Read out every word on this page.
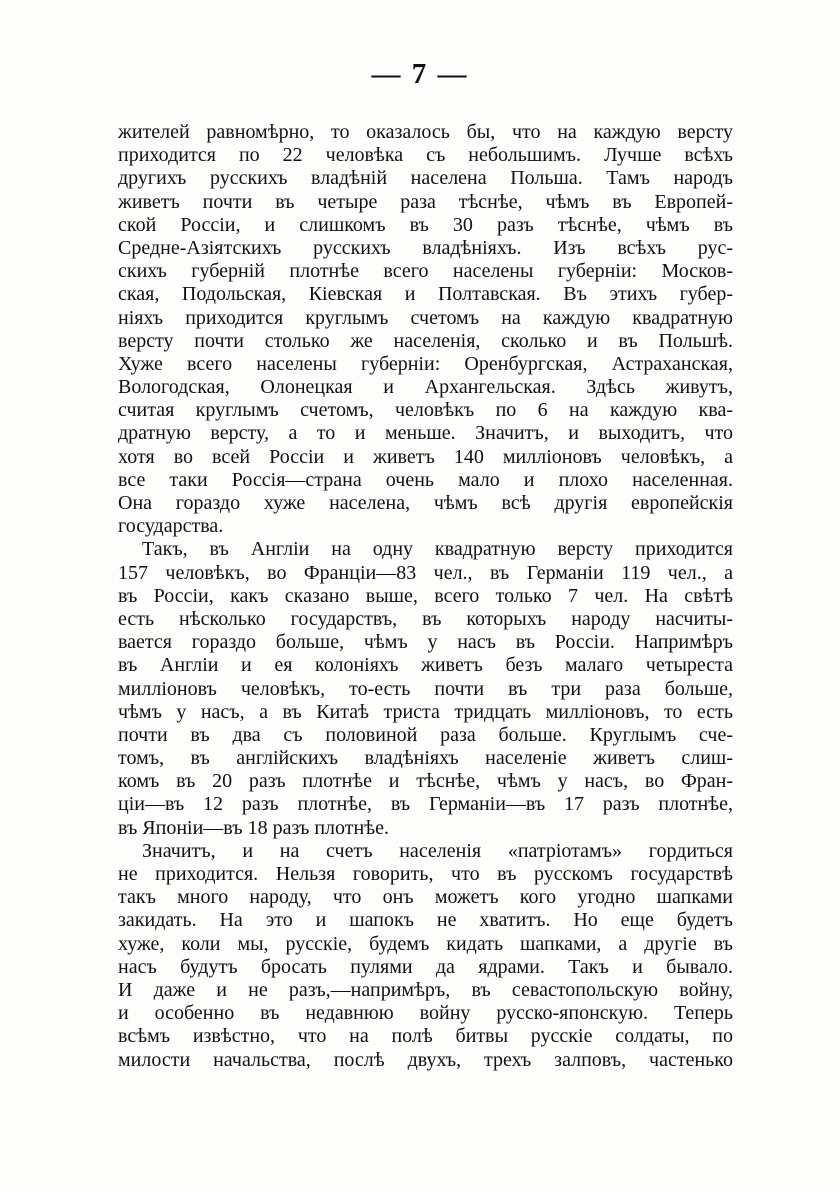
— 7 —
жителей равномѣрно, то оказалось бы, что на каждую версту
приходится по 22 человѣка съ небольшимъ. Лучше всѣхъ
другихъ русскихъ владѣній населена Польша. Тамъ народъ
живетъ почти въ четыре раза тѣснѣе, чѣмъ въ Европей-
ской Россіи, и слишкомъ въ 30 разъ тѣснѣе, чѣмъ въ
Средне-Азіятскихъ русскихъ владѣніяхъ. Изъ всѣхъ рус-
скихъ губерній плотнѣе всего населены губерніи: Москов-
ская, Подольская, Кіевская и Полтавская. Въ этихъ губер-
ніяхъ приходится круглымъ счетомъ на каждую квадратную
версту почти столько же населенія, сколько и въ Польшѣ.
Хуже всего населены губерніи: Оренбургская, Астраханская,
Вологодская, Олонецкая и Архангельская. Здѣсь живутъ,
считая круглымъ счетомъ, человѣкъ по 6 на каждую ква-
дратную версту, а то и меньше. Значитъ, и выходитъ, что
хотя во всей Россіи и живетъ 140 милліоновъ человѣкъ, а
все таки Россія—страна очень мало и плохо населенная.
Она гораздо хуже населена, чѣмъ всѣ другія европейскія
государства.
Такъ, въ Англіи на одну квадратную версту приходится
157 человѣкъ, во Франціи—83 чел., въ Германіи 119 чел., а
въ Россіи, какъ сказано выше, всего только 7 чел. На свѣтѣ
есть нѣсколько государствъ, въ которыхъ народу насчиты-
вается гораздо больше, чѣмъ у насъ въ Россіи. Напримѣръ
въ Англіи и ея колоніяхъ живетъ безъ малаго четыреста
милліоновъ человѣкъ, то-есть почти въ три раза больше,
чѣмъ у насъ, а въ Китаѣ триста тридцать милліоновъ, то есть
почти въ два съ половиной раза больше. Круглымъ сче-
томъ, въ англійскихъ владѣніяхъ населеніе живетъ слиш-
комъ въ 20 разъ плотнѣе и тѣснѣе, чѣмъ у насъ, во Фран-
ціи—въ 12 разъ плотнѣе, въ Германіи—въ 17 разъ плотнѣе,
въ Японіи—въ 18 разъ плотнѣе.
Значитъ, и на счетъ населенія «патріотамъ» гордиться
не приходится. Нельзя говорить, что въ русскомъ государствѣ
такъ много народу, что онъ можетъ кого угодно шапками
закидать. На это и шапокъ не хватитъ. Но еще будетъ
хуже, коли мы, русскіе, будемъ кидать шапками, а другіе въ
насъ будутъ бросать пулями да ядрами. Такъ и бывало.
И даже и не разъ,—напримѣръ, въ севастопольскую войну,
и особенно въ недавнюю войну русско-японскую. Теперь
всѣмъ извѣстно, что на полѣ битвы русскіе солдаты, по
милости начальства, послѣ двухъ, трехъ залповъ, частенько
